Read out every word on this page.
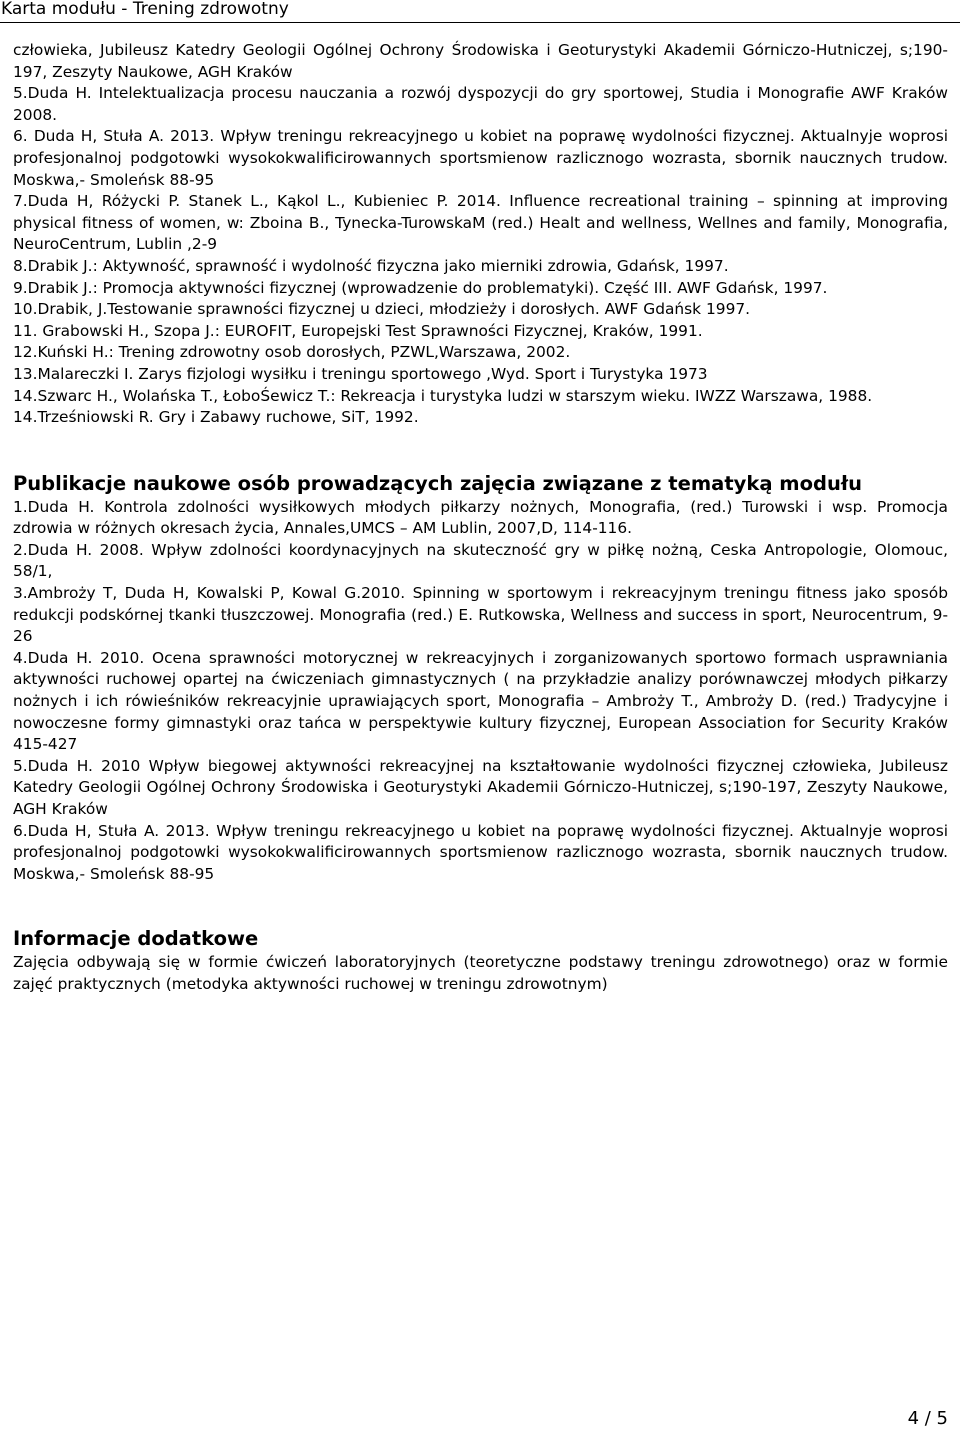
Karta modułu - Trening zdrowotny

człowieka, Jubileusz Katedry Geologii Ogólnej Ochrony Środowiska i Geoturystyki Akademii Górniczo-Hutniczej, s;190-197, Zeszyty Naukowe, AGH Kraków

5.Duda H. Intelektualizacja procesu nauczania a rozwój dyspozycji do gry sportowej, Studia i Monografie AWF Kraków 2008.

6. Duda H, Stuła A. 2013. Wpływ treningu rekreacyjnego u kobiet na poprawę wydolności fizycznej. Aktualnyje woprosi profesjonalnoj podgotowki wysokokwalificirowannych sportsmienow razlicznogo wozrasta, sbornik naucznych trudow. Moskwa,- Smoleńsk 88-95

7.Duda H, Różycki P. Stanek L., Kąkol L., Kubieniec P. 2014. Influence recreational training – spinning at improving physical fitness of women, w: Zboina B., Tynecka-TurowskaM (red.) Healt and wellness, Wellnes and family, Monografia, NeuroCentrum, Lublin ,2-9

8.Drabik J.: Aktywność, sprawność i wydolność fizyczna jako mierniki zdrowia, Gdańsk, 1997.

9.Drabik J.: Promocja aktywności fizycznej (wprowadzenie do problematyki). Część III. AWF Gdańsk, 1997.

10.Drabik, J.Testowanie sprawności fizycznej u dzieci, młodzieży i dorosłych. AWF Gdańsk 1997.

11. Grabowski H., Szopa J.: EUROFIT, Europejski Test Sprawności Fizycznej, Kraków, 1991.

12.Kuński H.: Trening zdrowotny osob dorosłych, PZWL,Warszawa, 2002.

13.Malareczki I. Zarys fizjologi wysiłku i treningu sportowego ,Wyd. Sport i Turystyka 1973

14.Szwarc H., Wolańska T., ŁoboŚewicz T.: Rekreacja i turystyka ludzi w starszym wieku. IWZZ Warszawa, 1988.

14.Trześniowski R. Gry i Zabawy ruchowe, SiT, 1992.

Publikacje naukowe osób prowadzących zajęcia związane z tematyką modułu

1.Duda H. Kontrola zdolności wysiłkowych młodych piłkarzy nożnych, Monografia, (red.) Turowski i wsp. Promocja zdrowia w różnych okresach życia, Annales,UMCS – AM Lublin, 2007,D, 114-116.

2.Duda H. 2008. Wpływ zdolności koordynacyjnych na skuteczność gry w piłkę nożną, Ceska Antropologie, Olomouc, 58/1,

3.Ambroży T, Duda H, Kowalski P, Kowal G.2010. Spinning w sportowym i rekreacyjnym treningu fitness jako sposób redukcji podskórnej tkanki tłuszczowej. Monografia (red.) E. Rutkowska, Wellness and success in sport, Neurocentrum, 9-26

4.Duda H. 2010. Ocena sprawności motorycznej w rekreacyjnych i zorganizowanych sportowo formach usprawniania aktywności ruchowej opartej na ćwiczeniach gimnastycznych ( na przykładzie analizy porównawczej młodych piłkarzy nożnych i ich rówieśników rekreacyjnie uprawiających sport, Monografia – Ambroży T., Ambroży D. (red.) Tradycyjne i nowoczesne formy gimnastyki oraz tańca w perspektywie kultury fizycznej, European Association for Security Kraków 415-427

5.Duda H. 2010 Wpływ biegowej aktywności rekreacyjnej na kształtowanie wydolności fizycznej człowieka, Jubileusz Katedry Geologii Ogólnej Ochrony Środowiska i Geoturystyki Akademii Górniczo-Hutniczej, s;190-197, Zeszyty Naukowe, AGH Kraków

6.Duda H, Stuła A. 2013. Wpływ treningu rekreacyjnego u kobiet na poprawę wydolności fizycznej. Aktualnyje woprosi profesjonalnoj podgotowki wysokokwalificirowannych sportsmienow razlicznogo wozrasta, sbornik naucznych trudow. Moskwa,- Smoleńsk 88-95

Informacje dodatkowe

Zajęcia odbywają się w formie ćwiczeń laboratoryjnych (teoretyczne podstawy treningu zdrowotnego) oraz w formie zajęć praktycznych (metodyka aktywności ruchowej w treningu zdrowotnym)

4 / 5
